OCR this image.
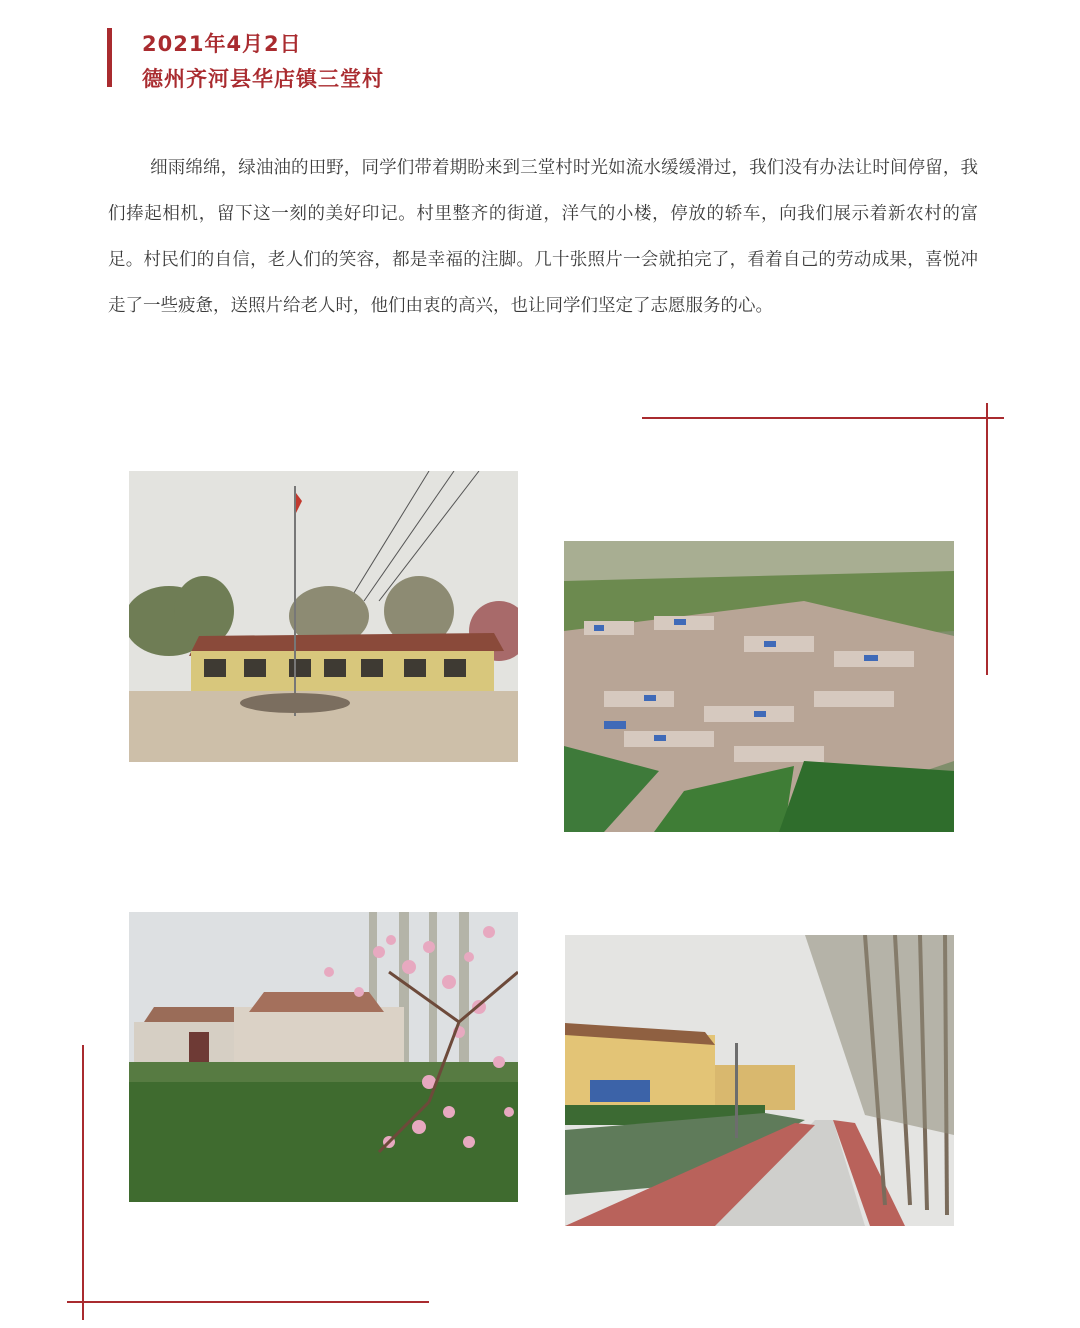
2021年4月2日
德州齐河县华店镇三堂村

细雨绵绵，绿油油的田野，同学们带着期盼来到三堂村时光如流水缓缓滑过，我们没有办法让时间停留，我们捧起相机，留下这一刻的美好印记。村里整齐的街道，洋气的小楼，停放的轿车，向我们展示着新农村的富足。村民们的自信，老人们的笑容，都是幸福的注脚。几十张照片一会就拍完了，看着自己的劳动成果，喜悦冲走了一些疲惫，送照片给老人时，他们由衷的高兴，也让同学们坚定了志愿服务的心。
